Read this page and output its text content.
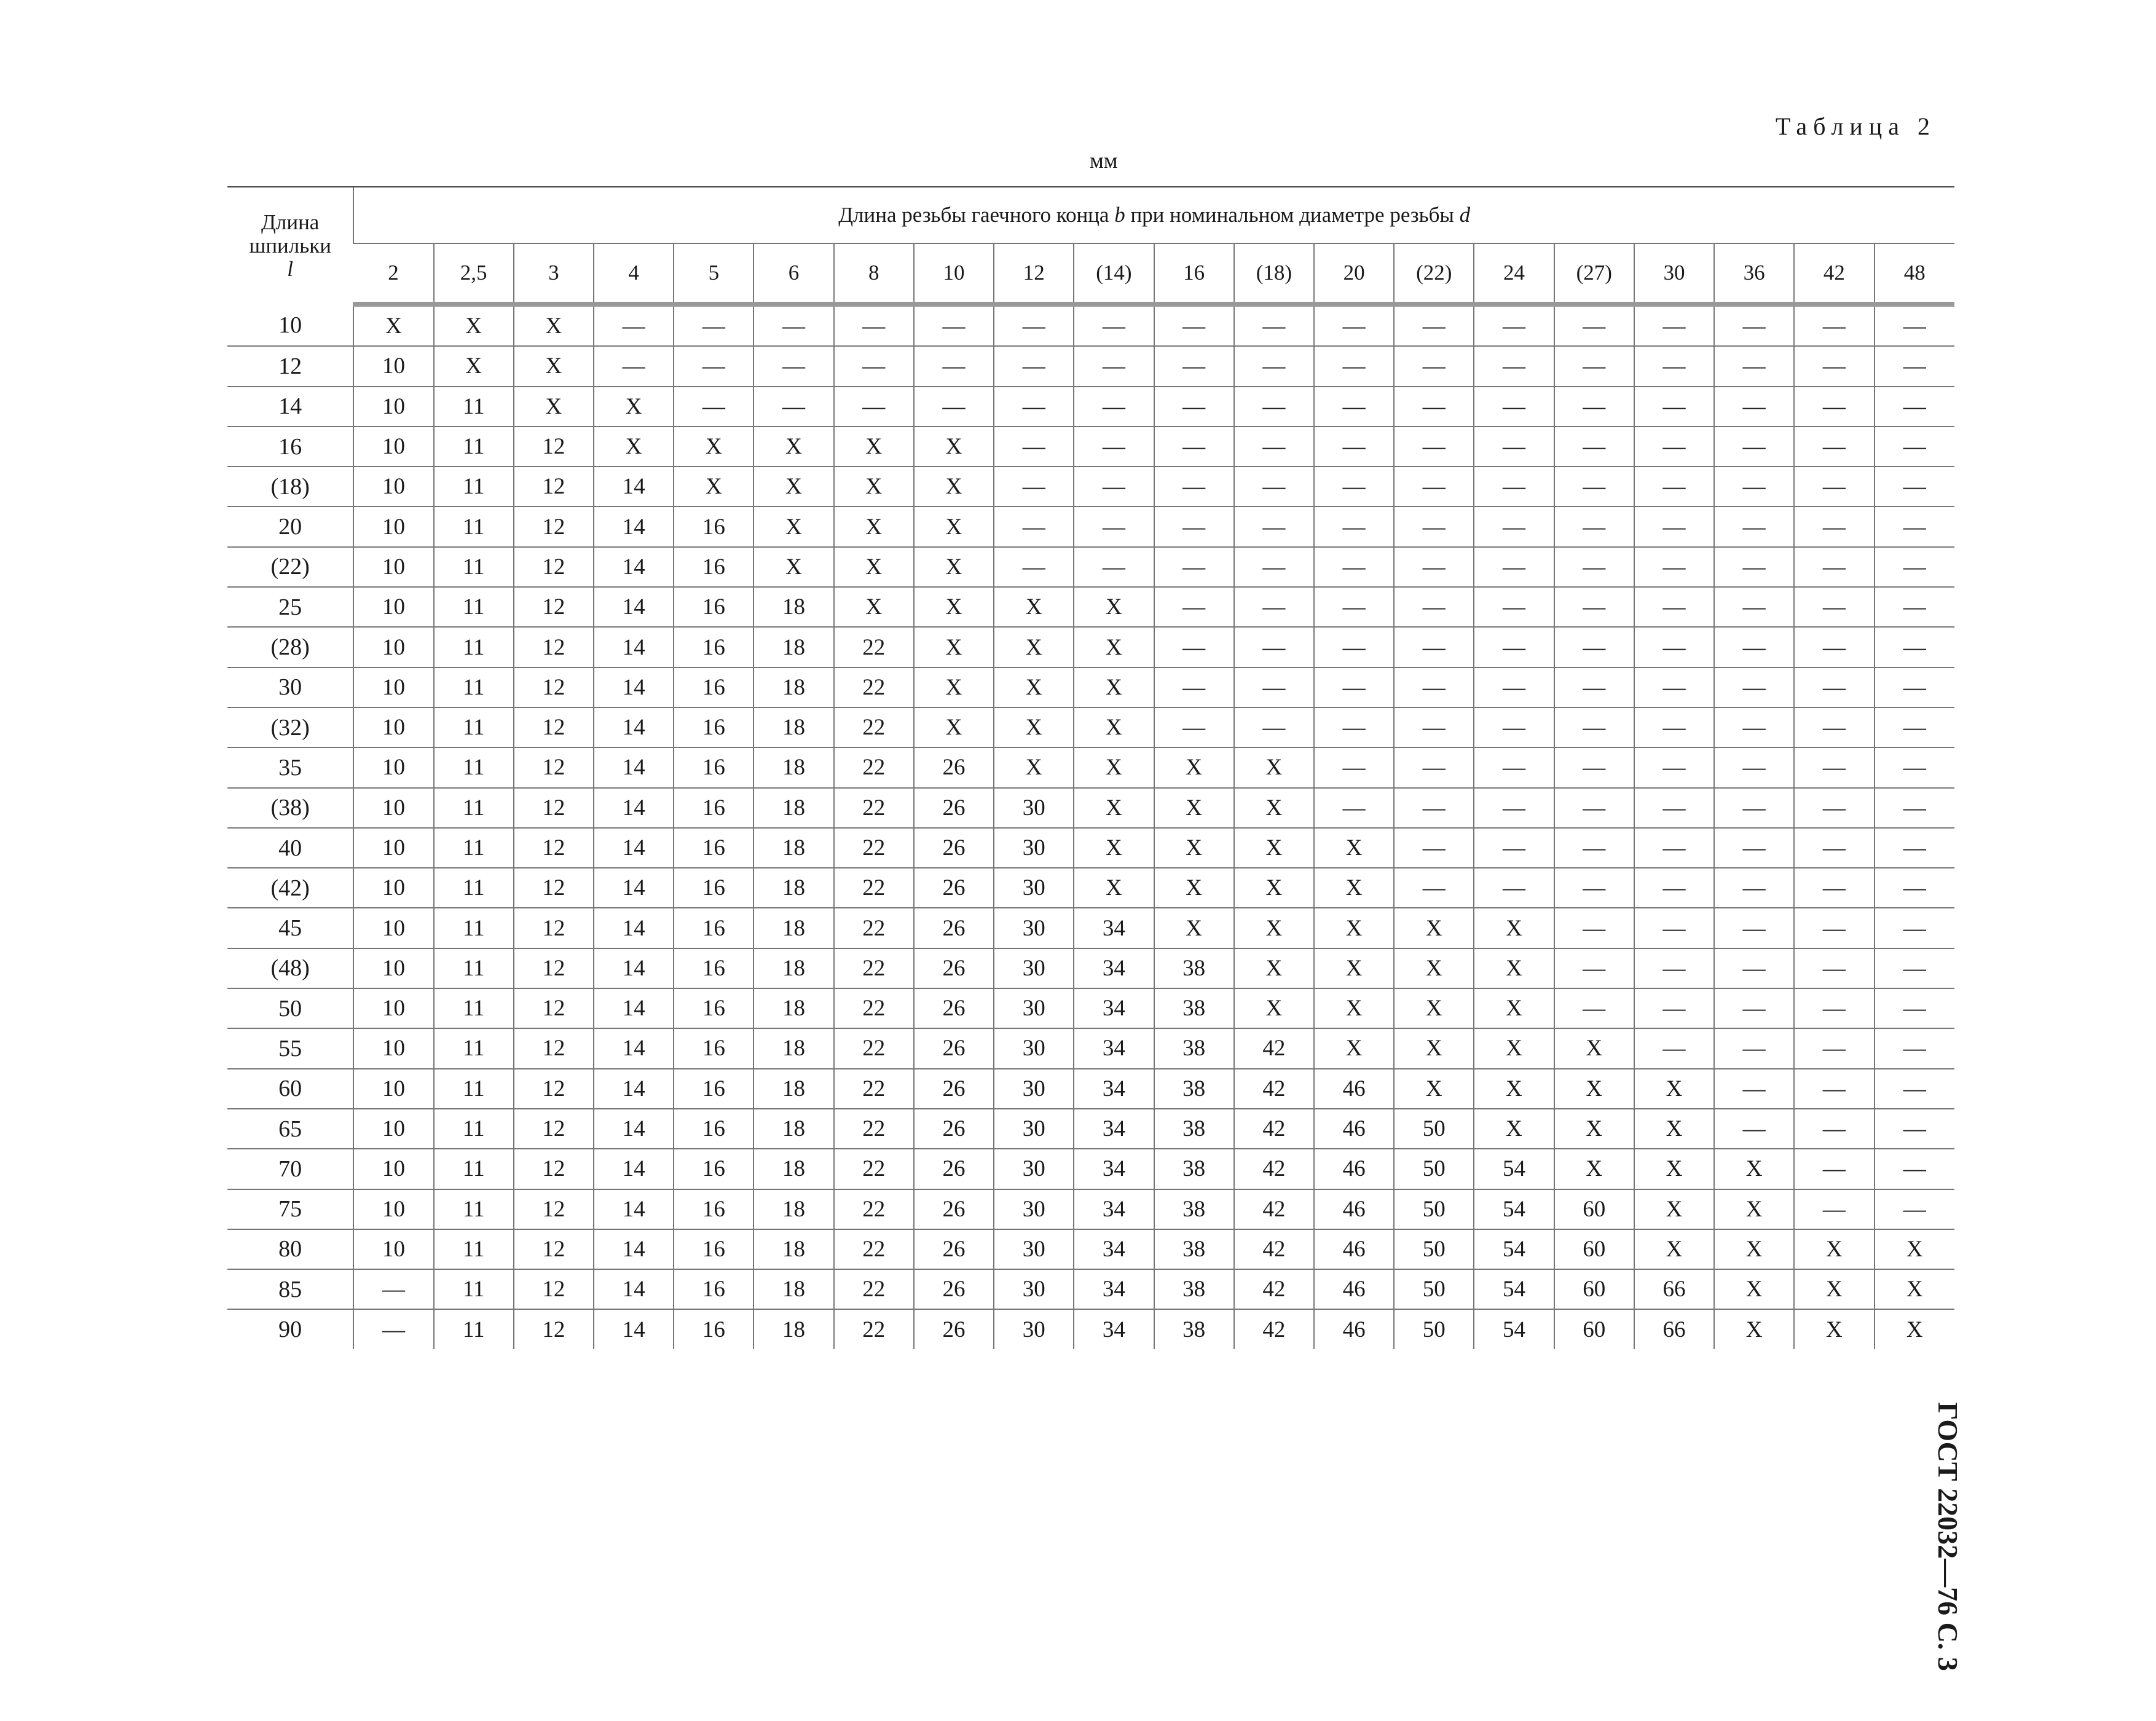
Таблица 2
мм
ГОСТ 22032—76 С. 3
Длина
шпильки
l	Длина резьбы гаечного конца b при номинальном диаметре резьбы d																			
	2	2,5	3	4	5	6	8	10	12	(14)	16	(18)	20	(22)	24	(27)	30	36	42	48
10	X	X	X	—	—	—	—	—	—	—	—	—	—	—	—	—	—	—	—	—
12	10	X	X	—	—	—	—	—	—	—	—	—	—	—	—	—	—	—	—	—
14	10	11	X	X	—	—	—	—	—	—	—	—	—	—	—	—	—	—	—	—
16	10	11	12	X	X	X	X	X	—	—	—	—	—	—	—	—	—	—	—	—
(18)	10	11	12	14	X	X	X	X	—	—	—	—	—	—	—	—	—	—	—	—
20	10	11	12	14	16	X	X	X	—	—	—	—	—	—	—	—	—	—	—	—
(22)	10	11	12	14	16	X	X	X	—	—	—	—	—	—	—	—	—	—	—	—
25	10	11	12	14	16	18	X	X	X	X	—	—	—	—	—	—	—	—	—	—
(28)	10	11	12	14	16	18	22	X	X	X	—	—	—	—	—	—	—	—	—	—
30	10	11	12	14	16	18	22	X	X	X	—	—	—	—	—	—	—	—	—	—
(32)	10	11	12	14	16	18	22	X	X	X	—	—	—	—	—	—	—	—	—	—
35	10	11	12	14	16	18	22	26	X	X	X	X	—	—	—	—	—	—	—	—
(38)	10	11	12	14	16	18	22	26	30	X	X	X	—	—	—	—	—	—	—	—
40	10	11	12	14	16	18	22	26	30	X	X	X	X	—	—	—	—	—	—	—
(42)	10	11	12	14	16	18	22	26	30	X	X	X	X	—	—	—	—	—	—	—
45	10	11	12	14	16	18	22	26	30	34	X	X	X	X	X	—	—	—	—	—
(48)	10	11	12	14	16	18	22	26	30	34	38	X	X	X	X	—	—	—	—	—
50	10	11	12	14	16	18	22	26	30	34	38	X	X	X	X	—	—	—	—	—
55	10	11	12	14	16	18	22	26	30	34	38	42	X	X	X	X	—	—	—	—
60	10	11	12	14	16	18	22	26	30	34	38	42	46	X	X	X	X	—	—	—
65	10	11	12	14	16	18	22	26	30	34	38	42	46	50	X	X	X	—	—	—
70	10	11	12	14	16	18	22	26	30	34	38	42	46	50	54	X	X	X	—	—
75	10	11	12	14	16	18	22	26	30	34	38	42	46	50	54	60	X	X	—	—
80	10	11	12	14	16	18	22	26	30	34	38	42	46	50	54	60	X	X	X	X
85	—	11	12	14	16	18	22	26	30	34	38	42	46	50	54	60	66	X	X	X
90	—	11	12	14	16	18	22	26	30	34	38	42	46	50	54	60	66	X	X	X
